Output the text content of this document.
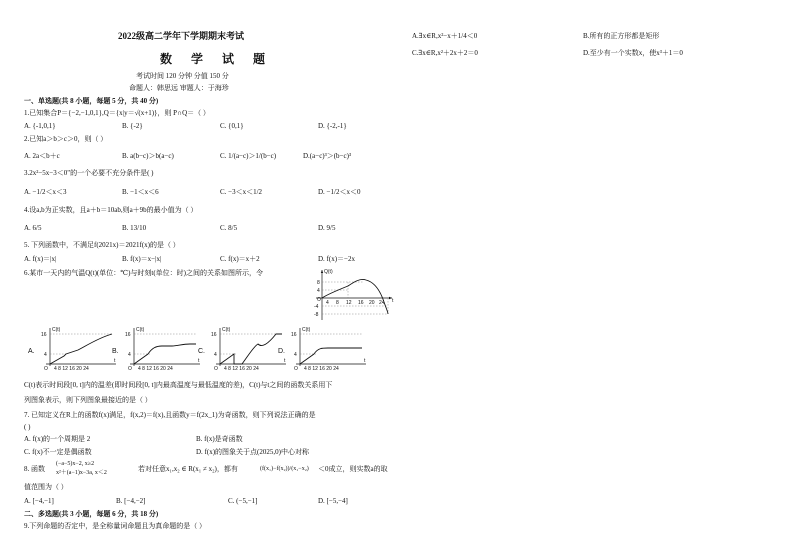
2022级高二学年下学期期末考试
数 学 试 题
考试时间 120 分钟 分值 150 分
命题人：韩思远 审题人：于海珍
一、单选题(共 8 小题，每题 5 分，共 40 分)
1.已知集合P＝{−2,−1,0,1},Q＝{x|y＝√(x+1)}，则 P∩Q＝（ ）
A. {-1,0,1}	B. {-2}	C. {0,1}	D. {-2,-1}
2.已知a＞b＞c＞0，则（ ）
A. 2a＜b＋c	B. a(b−c)＞b(a−c)	C. 1/(a−c)＞1/(b−c)	D.(a−c)³＞(b−c)³
3.2x²−5x−3＜0"的一个必要不充分条件是( )
A. −1/2＜x＜3	B. −1＜x＜6	C. −3＜x＜1/2	D. −1/2＜x＜0
4.设a,b为正实数，且a＋b＝10ab,则a＋9b的最小值为（ ）
A. 6/5	B. 13/10	C. 8/5	D. 9/5
5. 下列函数中，不满足f(2021x)＝2021f(x)的是（ ）
A. f(x)＝|x|	B. f(x)＝x−|x|	C. f(x)＝x＋2	D. f(x)＝−2x
6.某市一天内的气温Q(t)(单位：℃)与时刻t(单位：时)之间的关系如图所示，令	Q(t)
8
4
O
-4
-8
4 8 12 16 20 24 t
A.
C(t)
16
4
O 4 8 12 16 20 24
t
B.
C(t)
16
4
O 4 8 12 16 20 24
t
C.
C(t)
16
4
O 4 8 12 16 20 24
t
D.
C(t)
16
4
O 4 8 12 16 20 24
t
C(t)表示时间段[0, t]内的温差(即时间段[0, t]内最高温度与最低温度的差)，C(t)与t之间的函数关系用下
列图象表示，则下列图象最接近的是（ ）
7. 已知定义在R上的函数f(x)满足，f(x,2)＝f(x),且函数y＝f(2x_1)为奇函数，则下列说法正确的是
( )
A. f(x)的一个周期是 2	B. f(x)是奇函数
C. f(x)不一定是偶函数	D. f(x)的图象关于点(2025,0)中心对称
8. 函数
(−a−5)x−2, x≥2
x²＋(a−1)x−3a, x＜2	若对任意x₁,x₂ ∈ R(x₁ ≠ x₂)，都有	(f(x₁)−f(x₂))/(x₁−x₂) ＜0成立，则实数a的取
值范围为（ ）
A. [−4,−1]	B. [−4,−2]	C. (−5,−1]	D. [−5,−4]
二、多选题(共 3 小题，每题 6 分，共 18 分)
9.下列命题的否定中，是全称量词命题且为真命题的是（ ）
A.∃x∈R,x²−x＋1/4＜0	B.所有的正方形都是矩形
C.∃x∈R,x²＋2x＋2＝0	D.至少有一个实数x，使x³＋1＝0
